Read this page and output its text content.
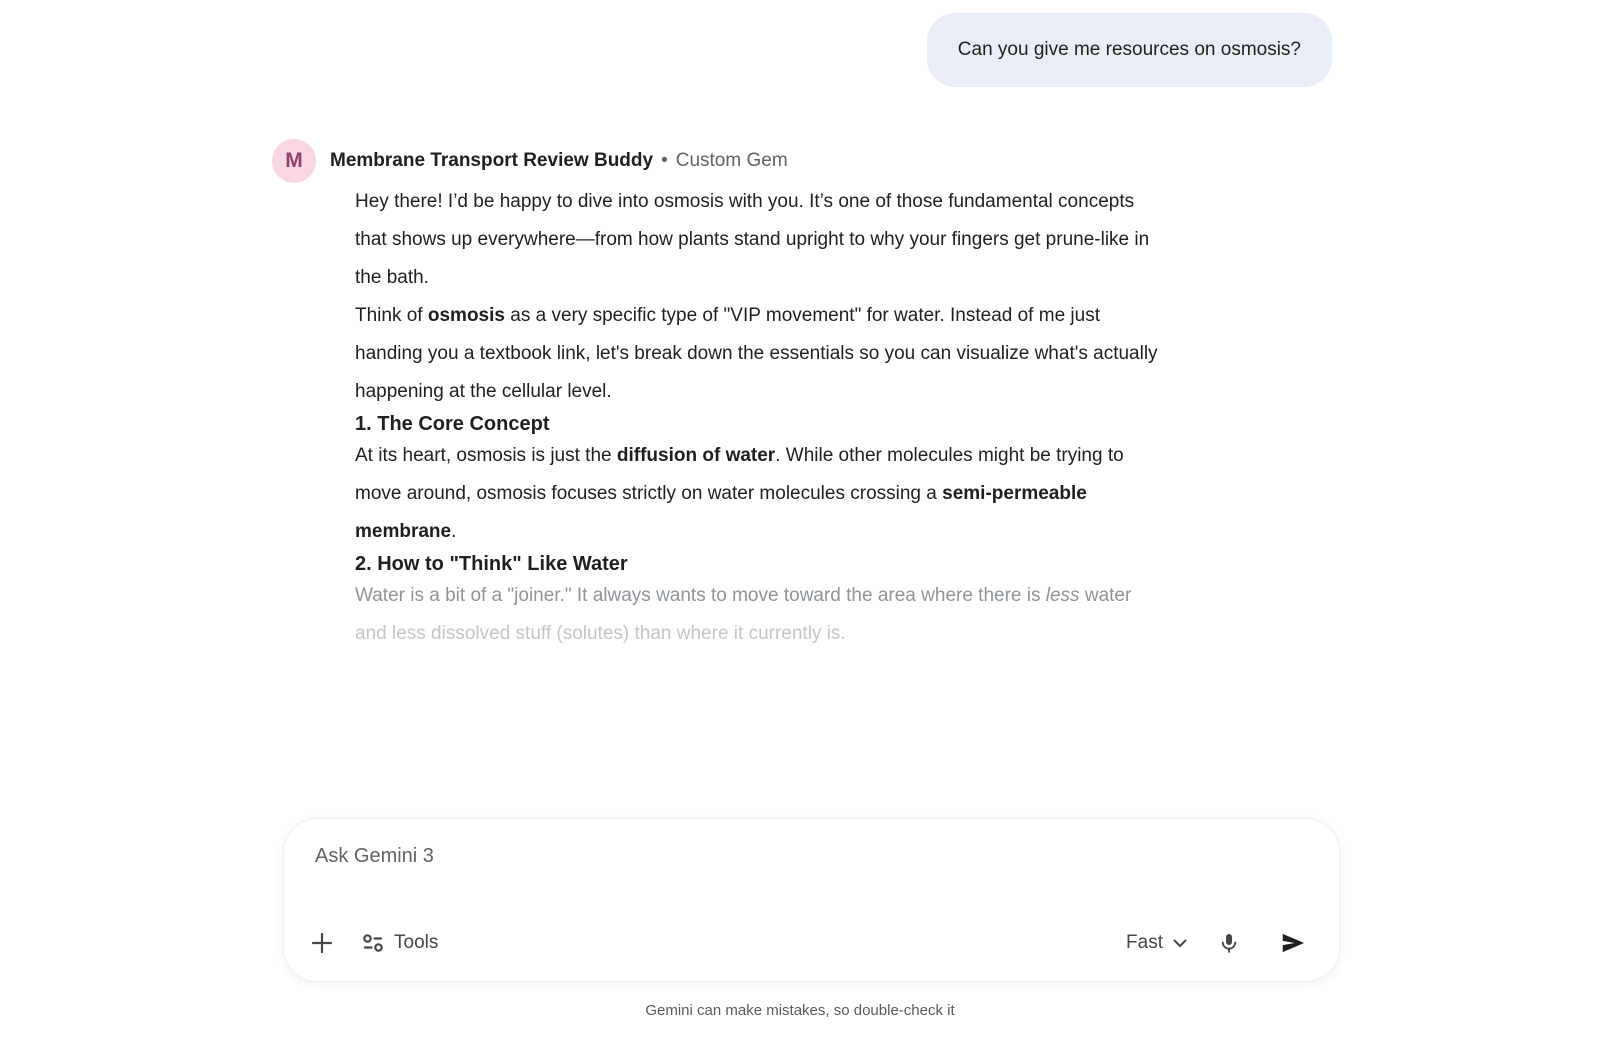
Can you give me resources on osmosis?
M Membrane Transport Review Buddy • Custom Gem

Hey there! I’d be happy to dive into osmosis with you. It’s one of those fundamental concepts
that shows up everywhere—from how plants stand upright to why your fingers get prune-like in
the bath.

Think of osmosis as a very specific type of "VIP movement" for water. Instead of me just
handing you a textbook link, let's break down the essentials so you can visualize what's actually
happening at the cellular level.

1. The Core Concept

At its heart, osmosis is just the diffusion of water. While other molecules might be trying to
move around, osmosis focuses strictly on water molecules crossing a semi-permeable
membrane.

2. How to "Think" Like Water

Water is a bit of a "joiner." It always wants to move toward the area where there is less water
and less dissolved stuff (solutes) than where it currently is.

Ask Gemini 3
Tools	Fast
Gemini can make mistakes, so double-check it
